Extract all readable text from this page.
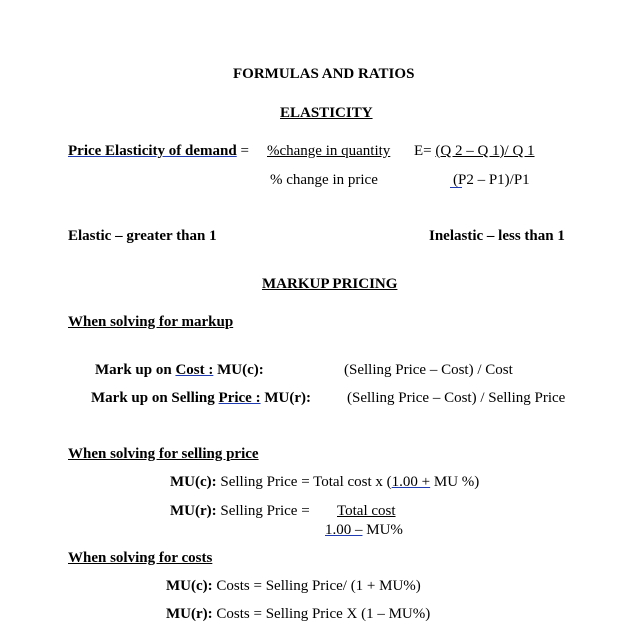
FORMULAS AND RATIOS
ELASTICITY
Price Elasticity of demand = %change in quantity
% change in price
E= (Q 2 – Q 1)/ Q 1
(P2 – P1)/P1
Elastic – greater than 1	Inelastic – less than 1
MARKUP PRICING
When solving for markup
Mark up on Cost : MU(c):	(Selling Price – Cost) / Cost
Mark up on Selling Price : MU(r): (Selling Price – Cost) / Selling Price
When solving for selling price
MU(c): Selling Price = Total cost x (1.00 + MU %)
MU(r): Selling Price = Total cost
1.00 – MU%
When solving for costs
MU(c): Costs = Selling Price/ (1 + MU%)
MU(r): Costs = Selling Price X (1 – MU%)
